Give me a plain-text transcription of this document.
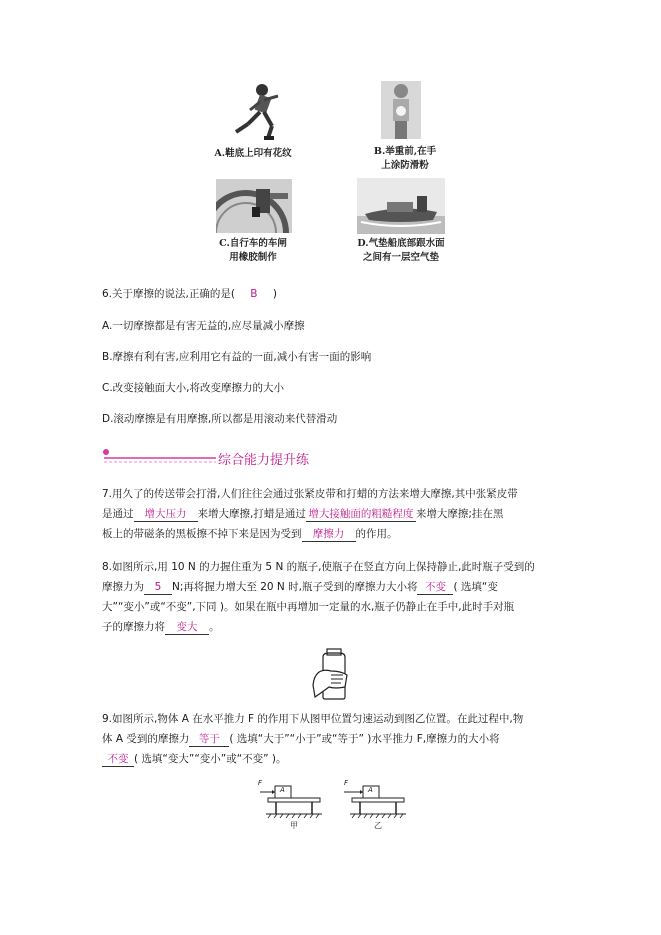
A.鞋底上印有花纹	B.举重前,在手
上涂防滑粉
C.自行车的车闸
用橡胶制作
D.气垫船底部跟水面
之间有一层空气垫
6.关于摩擦的说法,正确的是( B )
A.一切摩擦都是有害无益的,应尽量减小摩擦
B.摩擦有利有害,应利用它有益的一面,减小有害一面的影响
C.改变接触面大小,将改变摩擦力的大小
D.滚动摩擦是有用摩擦,所以都是用滚动来代替滑动
综合能力提升练
7.用久了的传送带会打滑,人们往往会通过张紧皮带和打蜡的方法来增大摩擦,其中张紧皮带
是通过 增大压力 来增大摩擦,打蜡是通过 增大接触面的粗糙程度 来增大摩擦;挂在黑
板上的带磁条的黑板擦不掉下来是因为受到 摩擦力 的作用。
8.如图所示,用 10 N 的力握住重为 5 N 的瓶子,使瓶子在竖直方向上保持静止,此时瓶子受到的
摩擦力为 5 N;再将握力增大至 20 N 时,瓶子受到的摩擦力大小将 不变 ( 选填“变
大”“变小”或“不变”,下同 )。如果在瓶中再增加一定量的水,瓶子仍静止在手中,此时手对瓶
子的摩擦力将 变大 。
9.如图所示,物体 A 在水平推力 F 的作用下从图甲位置匀速运动到图乙位置。在此过程中,物
体 A 受到的摩擦力 等于 ( 选填“大于”“小于”或“等于” )水平推力 F,摩擦力的大小将
不变 ( 选填“变大”“变小”或“不变” )。
F
A
甲
F
A
乙
